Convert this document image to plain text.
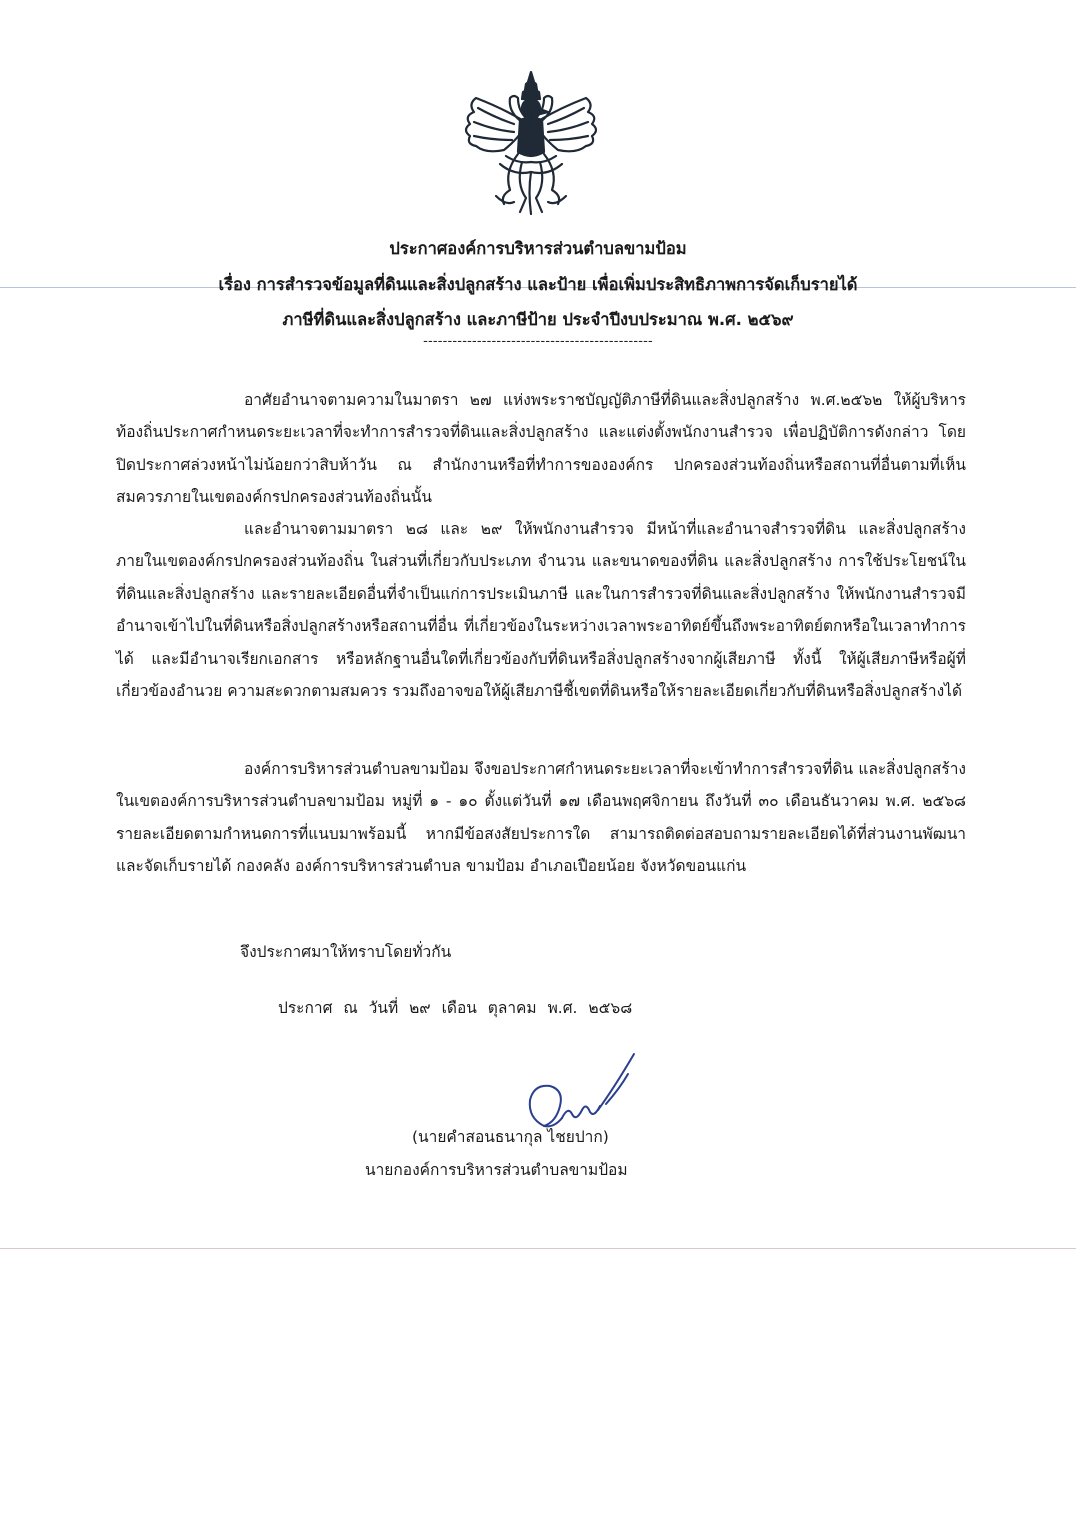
ประกาศองค์การบริหารส่วนตำบลขามป้อม
เรื่อง การสำรวจข้อมูลที่ดินและสิ่งปลูกสร้าง และป้าย เพื่อเพิ่มประสิทธิภาพการจัดเก็บรายได้
ภาษีที่ดินและสิ่งปลูกสร้าง และภาษีป้าย ประจำปีงบประมาณ พ.ศ. ๒๕๖๙
-----------------------------------------------

อาศัยอำนาจตามความในมาตรา ๒๗ แห่งพระราชบัญญัติภาษีที่ดินและสิ่งปลูกสร้าง พ.ศ.๒๕๖๒ ให้ผู้บริหารท้องถิ่นประกาศกำหนดระยะเวลาที่จะทำการสำรวจที่ดินและสิ่งปลูกสร้าง และแต่งตั้งพนักงานสำรวจ เพื่อปฏิบัติการดังกล่าว โดยปิดประกาศล่วงหน้าไม่น้อยกว่าสิบห้าวัน ณ สำนักงานหรือที่ทำการขององค์กร ปกครองส่วนท้องถิ่นหรือสถานที่อื่นตามที่เห็นสมควรภายในเขตองค์กรปกครองส่วนท้องถิ่นนั้น

และอำนาจตามมาตรา ๒๘ และ ๒๙ ให้พนักงานสำรวจ มีหน้าที่และอำนาจสำรวจที่ดิน และสิ่งปลูกสร้างภายในเขตองค์กรปกครองส่วนท้องถิ่น ในส่วนที่เกี่ยวกับประเภท จำนวน และขนาดของที่ดิน และสิ่งปลูกสร้าง การใช้ประโยชน์ในที่ดินและสิ่งปลูกสร้าง และรายละเอียดอื่นที่จำเป็นแก่การประเมินภาษี และในการสำรวจที่ดินและสิ่งปลูกสร้าง ให้พนักงานสำรวจมีอำนาจเข้าไปในที่ดินหรือสิ่งปลูกสร้างหรือสถานที่อื่น ที่เกี่ยวข้องในระหว่างเวลาพระอาทิตย์ขึ้นถึงพระอาทิตย์ตกหรือในเวลาทำการได้ และมีอำนาจเรียกเอกสาร หรือหลักฐานอื่นใดที่เกี่ยวข้องกับที่ดินหรือสิ่งปลูกสร้างจากผู้เสียภาษี ทั้งนี้ ให้ผู้เสียภาษีหรือผู้ที่เกี่ยวข้องอำนวย ความสะดวกตามสมควร รวมถึงอาจขอให้ผู้เสียภาษีชี้เขตที่ดินหรือให้รายละเอียดเกี่ยวกับที่ดินหรือสิ่งปลูกสร้างได้

องค์การบริหารส่วนตำบลขามป้อม จึงขอประกาศกำหนดระยะเวลาที่จะเข้าทำการสำรวจที่ดิน และสิ่งปลูกสร้าง ในเขตองค์การบริหารส่วนตำบลขามป้อม หมู่ที่ ๑ - ๑๐ ตั้งแต่วันที่ ๑๗ เดือนพฤศจิกายน ถึงวันที่ ๓๐ เดือนธันวาคม พ.ศ. ๒๕๖๘ รายละเอียดตามกำหนดการที่แนบมาพร้อมนี้ หากมีข้อสงสัยประการใด สามารถติดต่อสอบถามรายละเอียดได้ที่ส่วนงานพัฒนา และจัดเก็บรายได้ กองคลัง องค์การบริหารส่วนตำบล ขามป้อม อำเภอเปือยน้อย จังหวัดขอนแก่น

จึงประกาศมาให้ทราบโดยทั่วกัน
ประกาศ ณ วันที่ ๒๙ เดือน ตุลาคม พ.ศ. ๒๕๖๘
(นายคำสอนธนากุล ไชยปาก)
นายกองค์การบริหารส่วนตำบลขามป้อม
